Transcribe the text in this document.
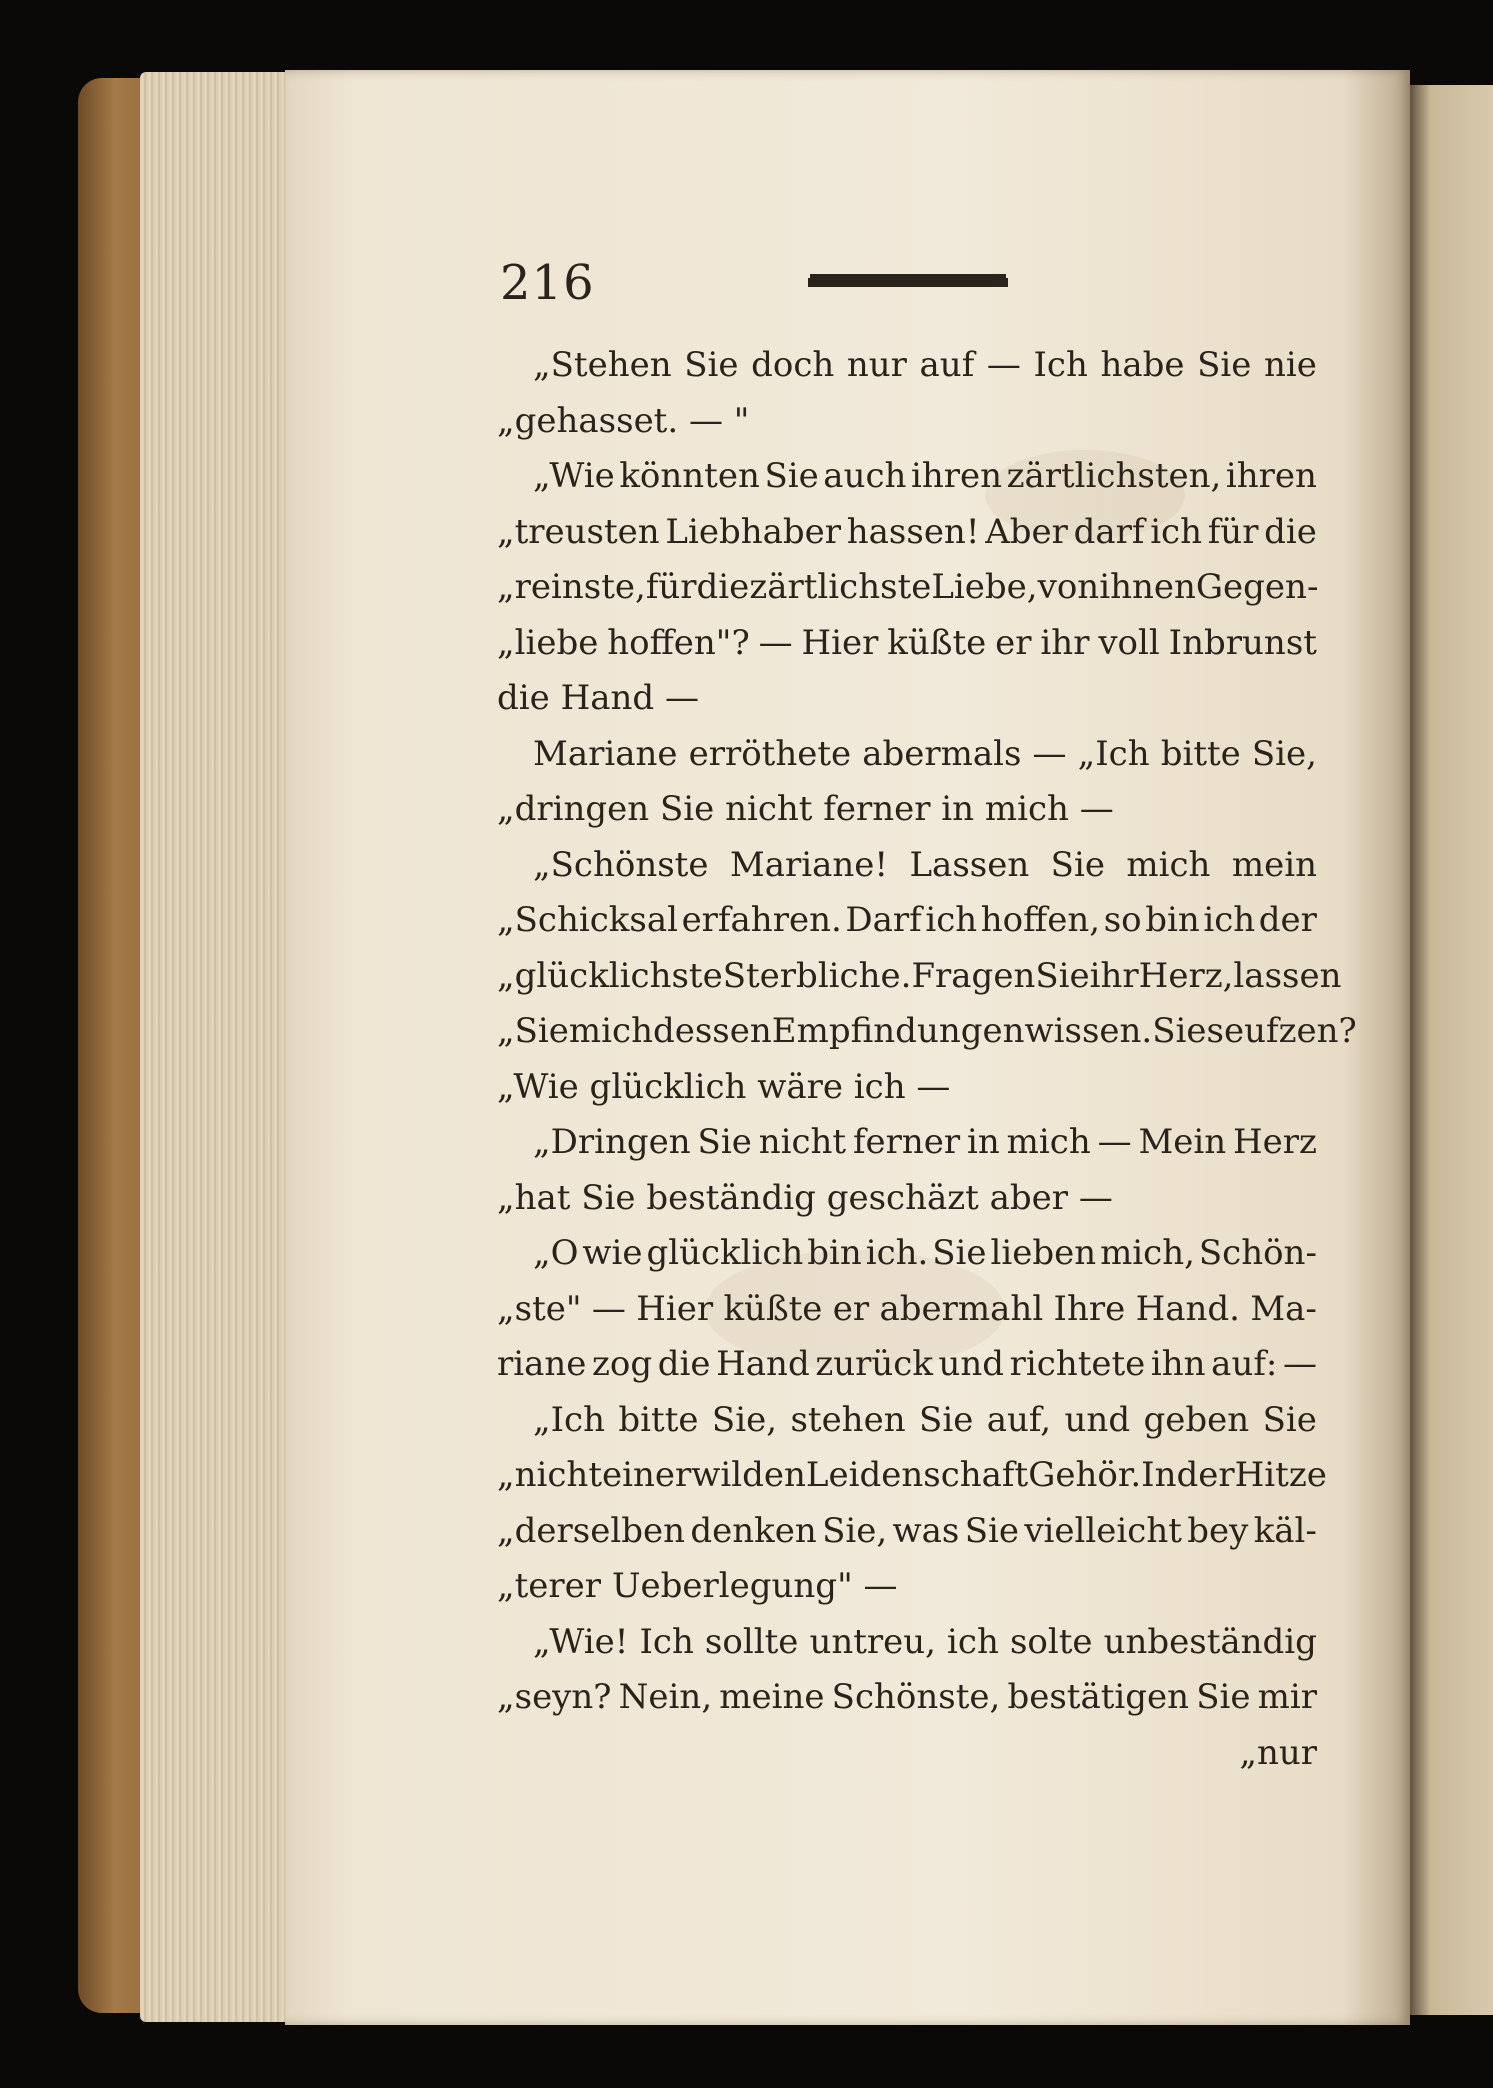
216
„Stehen Sie doch nur auf — Ich habe Sie nie
„gehasset. — "
„Wie könnten Sie auch ihren zärtlichsten, ihren
„treusten Liebhaber hassen! Aber darf ich für die
„reinste, für die zärtlichste Liebe, von ihnen Gegen-
„liebe hoffen"? — Hier küßte er ihr voll Inbrunst
die Hand —
Mariane erröthete abermals — „Ich bitte Sie,
„dringen Sie nicht ferner in mich —
„Schönste Mariane! Lassen Sie mich mein
„Schicksal erfahren. Darf ich hoffen, so bin ich der
„glücklichste Sterbliche. Fragen Sie ihr Herz, lassen
„Sie mich dessen Empfindungen wissen. Sie seufzen?
„Wie glücklich wäre ich —
„Dringen Sie nicht ferner in mich — Mein Herz
„hat Sie beständig geschäzt aber —
„O wie glücklich bin ich. Sie lieben mich, Schön-
„ste" — Hier küßte er abermahl Ihre Hand. Ma-
riane zog die Hand zurück und richtete ihn auf: —
„Ich bitte Sie, stehen Sie auf, und geben Sie
„nicht einer wilden Leidenschaft Gehör. In der Hitze
„derselben denken Sie, was Sie vielleicht bey käl-
„terer Ueberlegung" —
„Wie! Ich sollte untreu, ich solte unbeständig
„seyn? Nein, meine Schönste, bestätigen Sie mir
„nur
